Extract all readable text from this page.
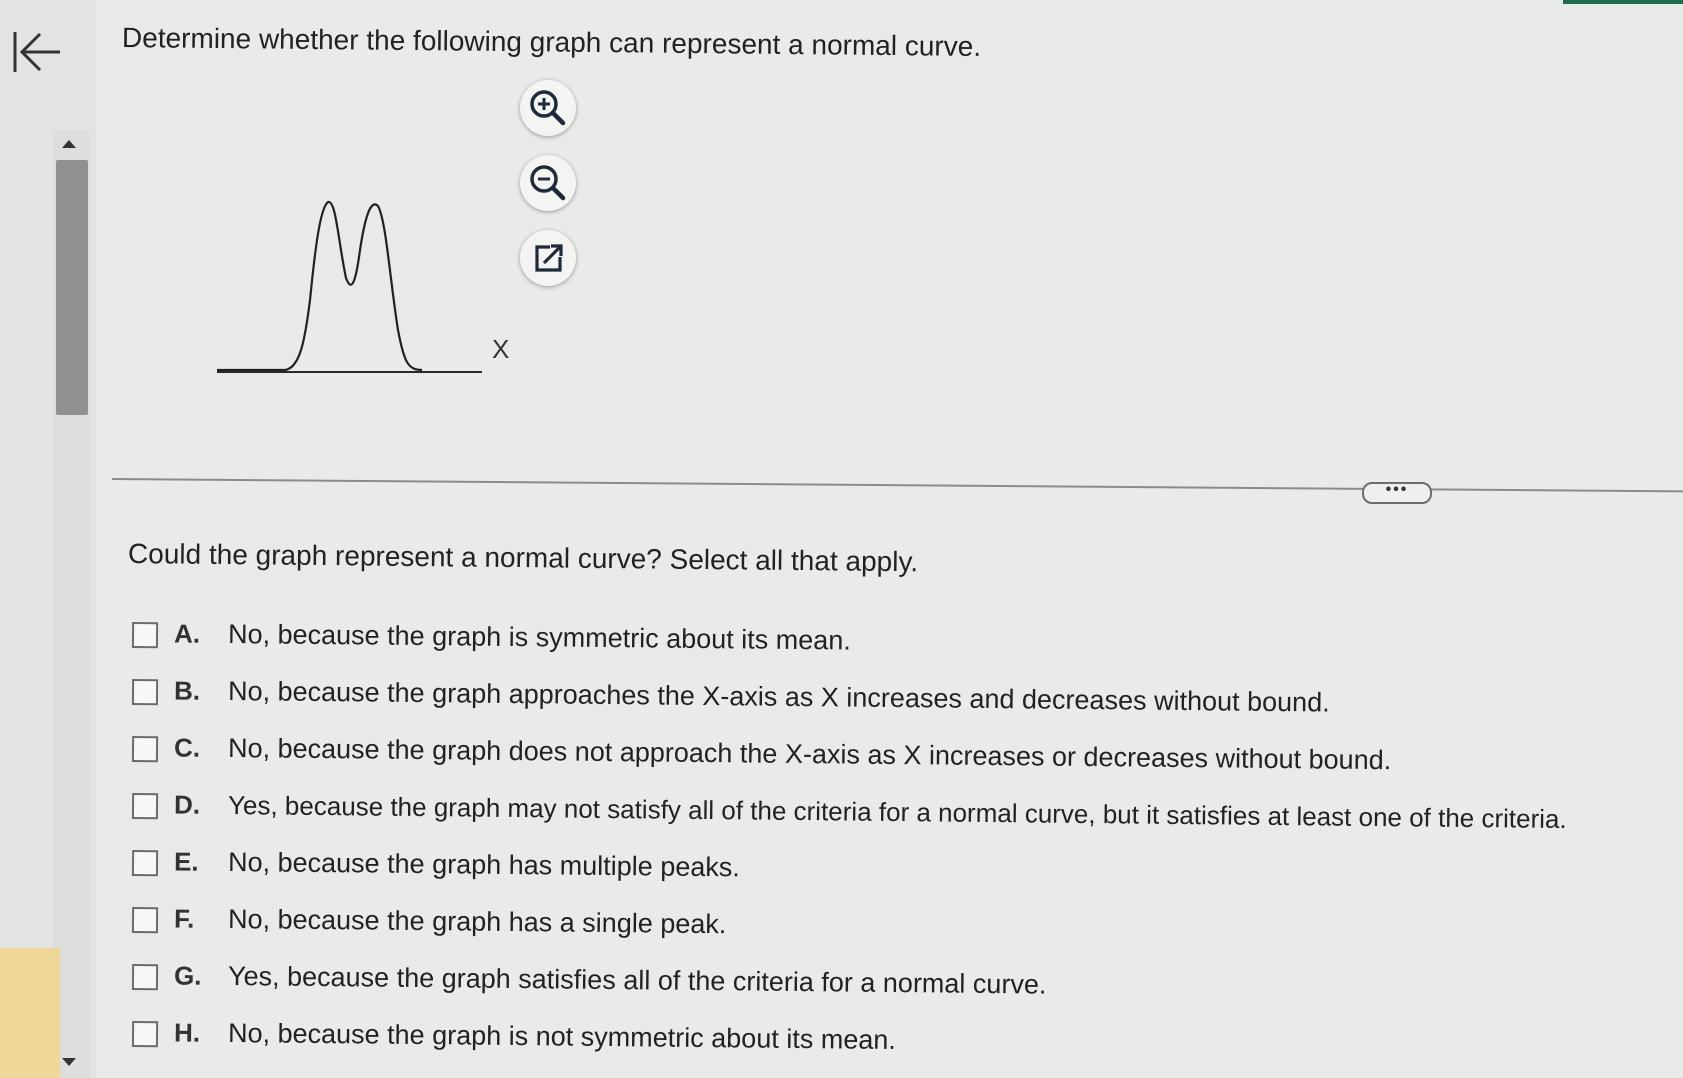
Determine whether the following graph can represent a normal curve.
X
•••
Could the graph represent a normal curve? Select all that apply.
A. No, because the graph is symmetric about its mean.
B. No, because the graph approaches the X-axis as X increases and decreases without bound.
C. No, because the graph does not approach the X-axis as X increases or decreases without bound.
D. Yes, because the graph may not satisfy all of the criteria for a normal curve, but it satisfies at least one of the criteria.
E. No, because the graph has multiple peaks.
F. No, because the graph has a single peak.
G. Yes, because the graph satisfies all of the criteria for a normal curve.
H. No, because the graph is not symmetric about its mean.
